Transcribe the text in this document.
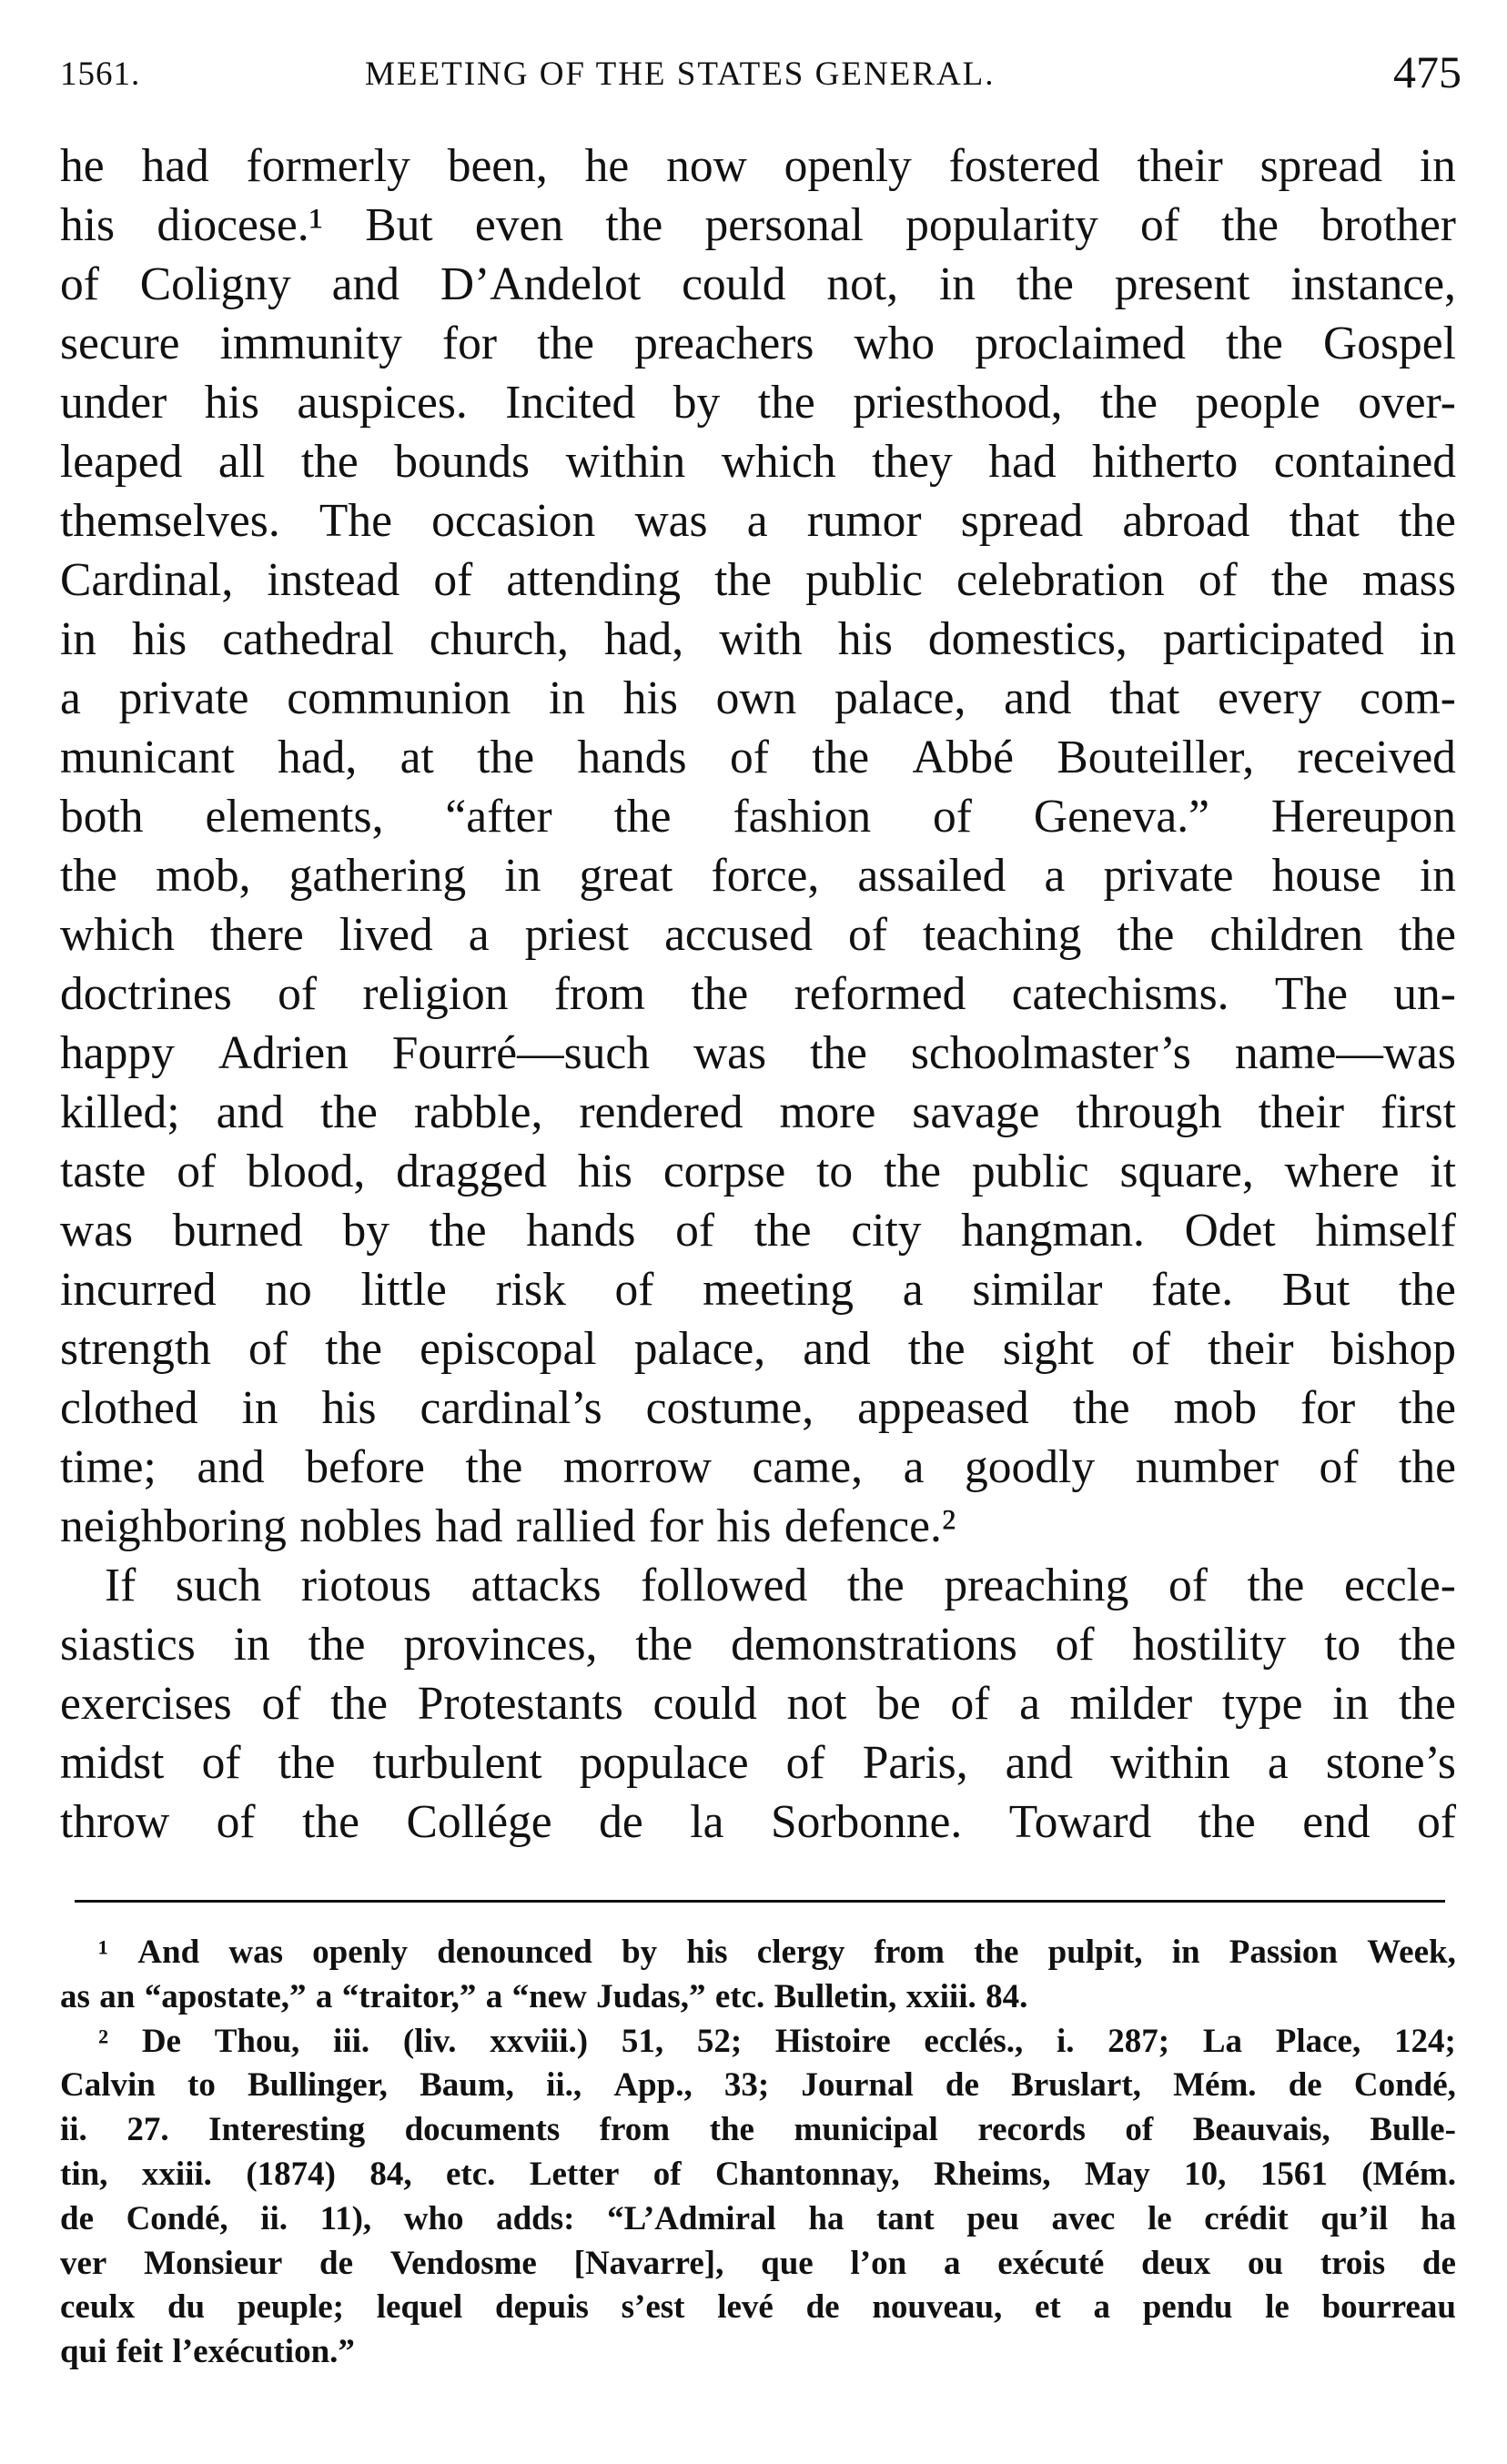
1561.	MEETING OF THE STATES GENERAL.	475
he had formerly been, he now openly fostered their spread in
his diocese.¹ But even the personal popularity of the brother
of Coligny and D’Andelot could not, in the present instance,
secure immunity for the preachers who proclaimed the Gospel
under his auspices. Incited by the priesthood, the people over-
leaped all the bounds within which they had hitherto contained
themselves. The occasion was a rumor spread abroad that the
Cardinal, instead of attending the public celebration of the mass
in his cathedral church, had, with his domestics, participated in
a private communion in his own palace, and that every com-
municant had, at the hands of the Abbé Bouteiller, received
both elements, “after the fashion of Geneva.” Hereupon
the mob, gathering in great force, assailed a private house in
which there lived a priest accused of teaching the children the
doctrines of religion from the reformed catechisms. The un-
happy Adrien Fourré—such was the schoolmaster’s name—was
killed; and the rabble, rendered more savage through their first
taste of blood, dragged his corpse to the public square, where it
was burned by the hands of the city hangman. Odet himself
incurred no little risk of meeting a similar fate. But the
strength of the episcopal palace, and the sight of their bishop
clothed in his cardinal’s costume, appeased the mob for the
time; and before the morrow came, a goodly number of the
neighboring nobles had rallied for his defence.²
If such riotous attacks followed the preaching of the eccle-
siastics in the provinces, the demonstrations of hostility to the
exercises of the Protestants could not be of a milder type in the
midst of the turbulent populace of Paris, and within a stone’s
throw of the Collége de la Sorbonne. Toward the end of
¹ And was openly denounced by his clergy from the pulpit, in Passion Week,
as an “apostate,” a “traitor,” a “new Judas,” etc. Bulletin, xxiii. 84.
² De Thou, iii. (liv. xxviii.) 51, 52; Histoire ecclés., i. 287; La Place, 124;
Calvin to Bullinger, Baum, ii., App., 33; Journal de Bruslart, Mém. de Condé,
ii. 27. Interesting documents from the municipal records of Beauvais, Bulle-
tin, xxiii. (1874) 84, etc. Letter of Chantonnay, Rheims, May 10, 1561 (Mém.
de Condé, ii. 11), who adds: “L’Admiral ha tant peu avec le crédit qu’il ha
ver Monsieur de Vendosme [Navarre], que l’on a exécuté deux ou trois de
ceulx du peuple; lequel depuis s’est levé de nouveau, et a pendu le bourreau
qui feit l’exécution.”
